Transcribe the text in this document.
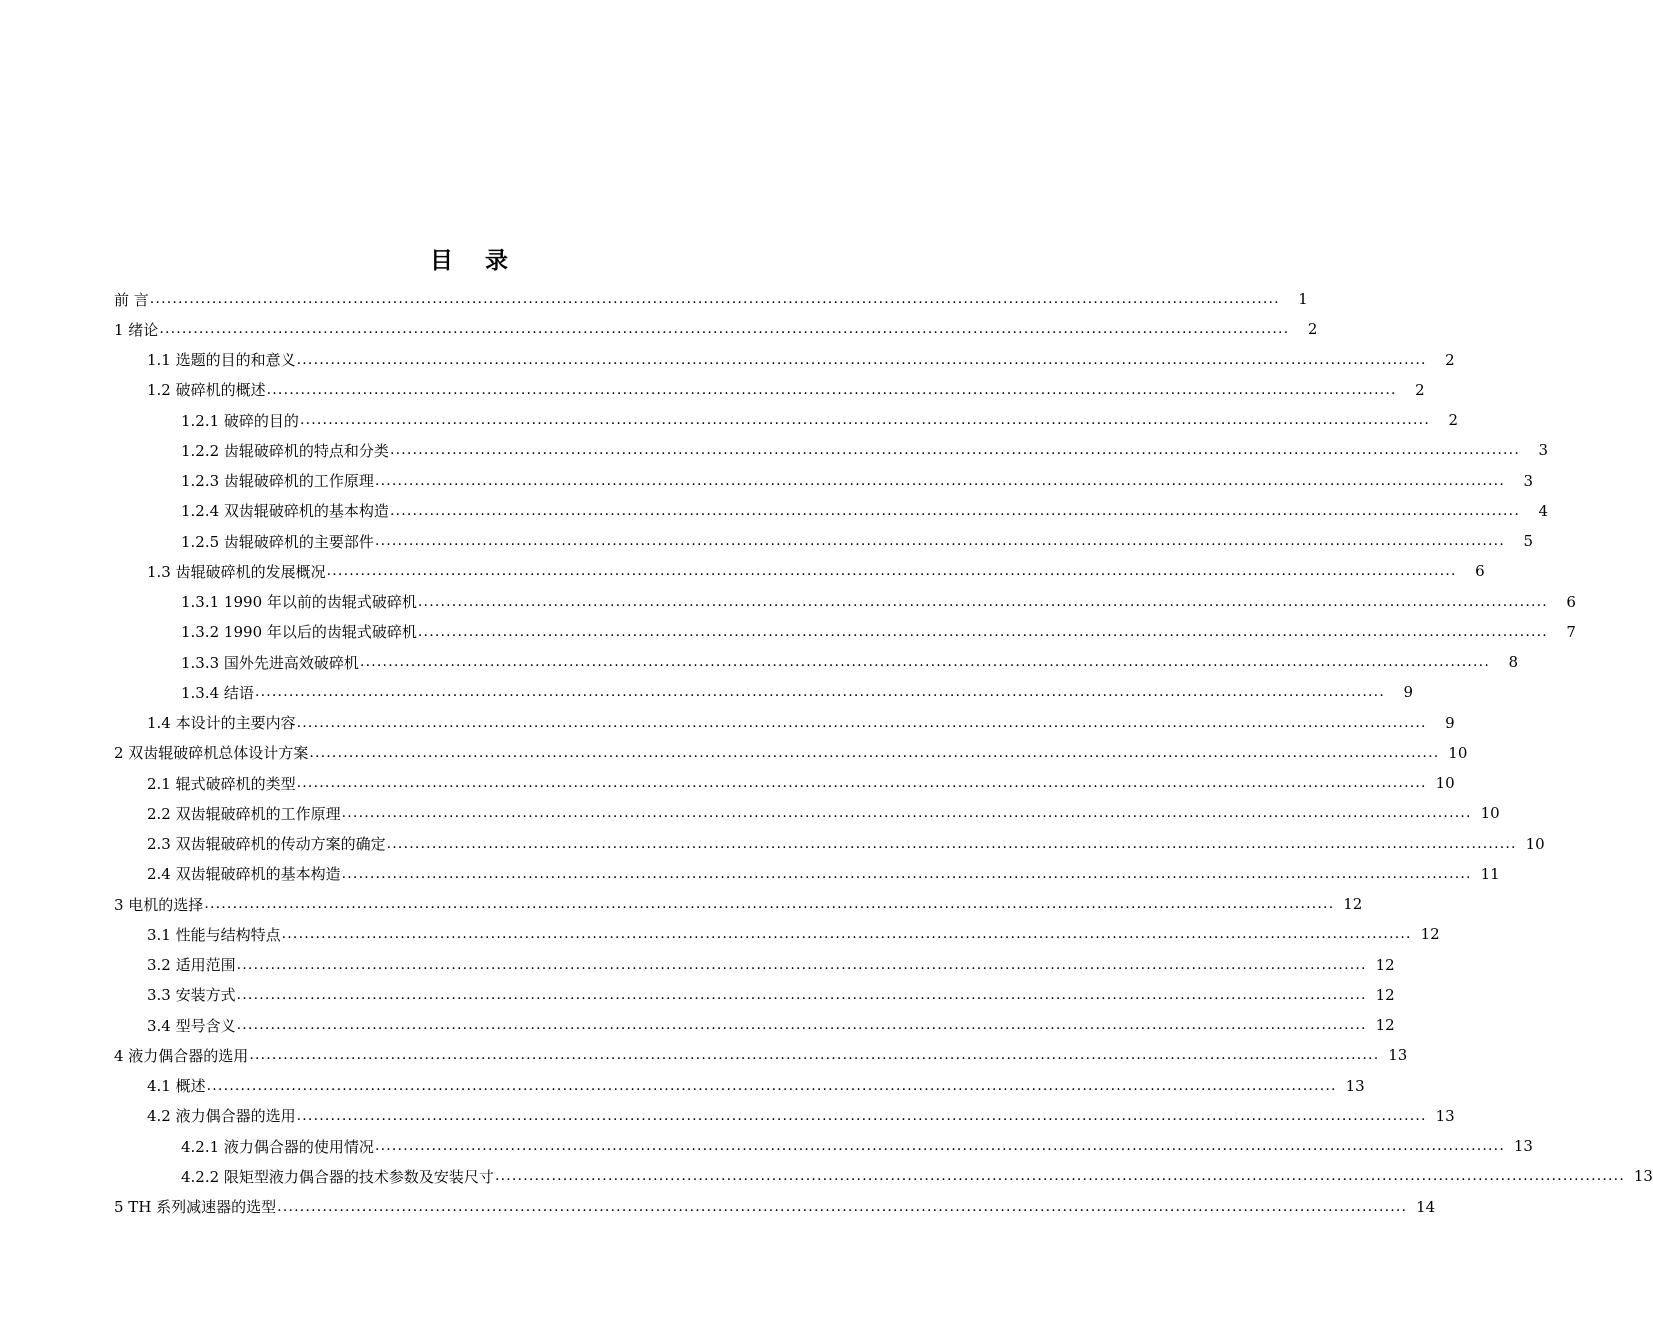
目 录
前 言 ........................................................................................................................................................................................................	1
1 绪论 ........................................................................................................................................................................................................	2
1.1 选题的目的和意义 ........................................................................................................................................................................................................	2
1.2 破碎机的概述 ........................................................................................................................................................................................................	2
1.2.1 破碎的目的 ........................................................................................................................................................................................................	2
1.2.2 齿辊破碎机的特点和分类 ........................................................................................................................................................................................................	3
1.2.3 齿辊破碎机的工作原理 ........................................................................................................................................................................................................	3
1.2.4 双齿辊破碎机的基本构造 ........................................................................................................................................................................................................	4
1.2.5 齿辊破碎机的主要部件 ........................................................................................................................................................................................................	5
1.3 齿辊破碎机的发展概况 ........................................................................................................................................................................................................	6
1.3.1 1990 年以前的齿辊式破碎机 ........................................................................................................................................................................................................	6
1.3.2 1990 年以后的齿辊式破碎机 ........................................................................................................................................................................................................	7
1.3.3 国外先进高效破碎机 ........................................................................................................................................................................................................	8
1.3.4 结语 ........................................................................................................................................................................................................	9
1.4 本设计的主要内容 ........................................................................................................................................................................................................	9
2 双齿辊破碎机总体设计方案 ........................................................................................................................................................................................................ 10
2.1 辊式破碎机的类型 ........................................................................................................................................................................................................ 10
2.2 双齿辊破碎机的工作原理 ........................................................................................................................................................................................................ 10
2.3 双齿辊破碎机的传动方案的确定 ........................................................................................................................................................................................................ 10
2.4 双齿辊破碎机的基本构造 ........................................................................................................................................................................................................ 11
3 电机的选择 ........................................................................................................................................................................................................ 12
3.1 性能与结构特点 ........................................................................................................................................................................................................ 12
3.2 适用范围 ........................................................................................................................................................................................................ 12
3.3 安装方式 ........................................................................................................................................................................................................ 12
3.4 型号含义 ........................................................................................................................................................................................................ 12
4 液力偶合器的选用 ........................................................................................................................................................................................................ 13
4.1 概述 ........................................................................................................................................................................................................ 13
4.2 液力偶合器的选用 ........................................................................................................................................................................................................ 13
4.2.1 液力偶合器的使用情况 ........................................................................................................................................................................................................ 13
4.2.2 限矩型液力偶合器的技术参数及安装尺寸 ........................................................................................................................................................................................................ 13
5 TH 系列减速器的选型 ........................................................................................................................................................................................................ 14
